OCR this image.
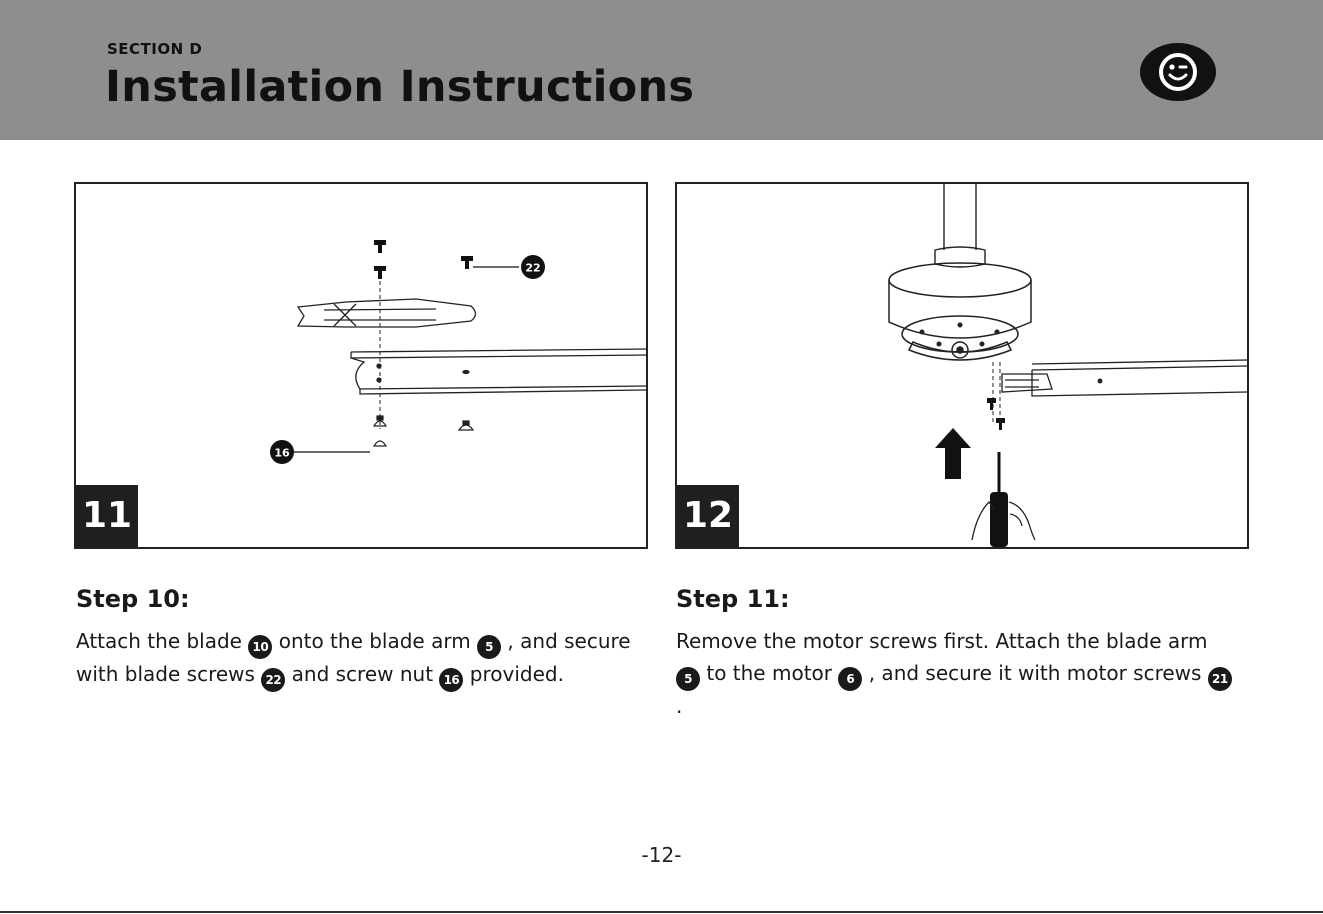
SECTION D
Installation Instructions
22
16
11	12
Step 10:
Attach the blade 10 onto the blade arm 5 , and secure with blade screws 22 and screw nut 16 provided.
Step 11:
Remove the motor screws first. Attach the blade arm 5 to the motor 6 , and secure it with motor screws 21 .
-12-
